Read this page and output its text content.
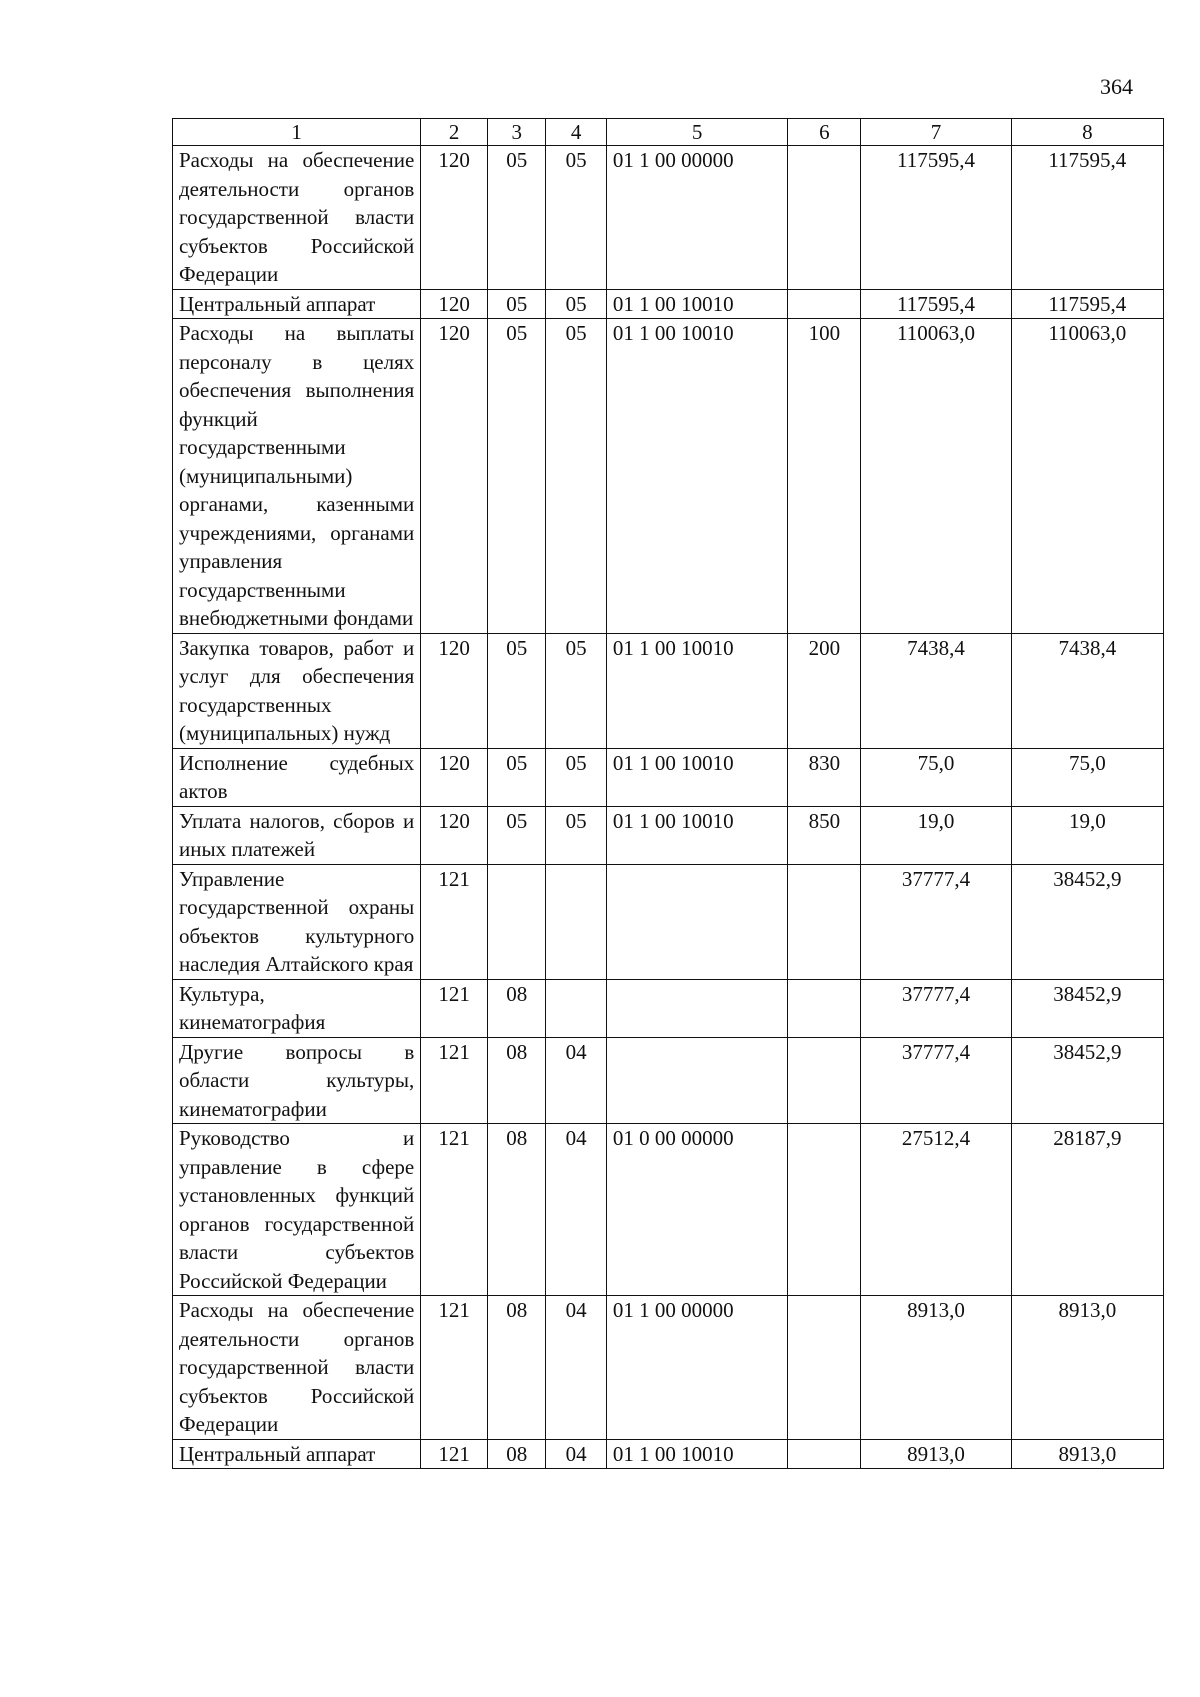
364
1	2	3	4	5	6	7	8
Расходы на обеспечение деятельности органов государственной власти субъектов Российской Федерации	120	05	05	01 1 00 00000		117595,4	117595,4
Центральный аппарат	120	05	05	01 1 00 10010		117595,4	117595,4
Расходы на выплаты персоналу в целях обеспечения выполнения функций государственными (муниципальными) органами, казенными учреждениями, органами управления государственными внебюджетными фондами	120	05	05	01 1 00 10010	100	110063,0	110063,0
Закупка товаров, работ и услуг для обеспечения государственных (муниципальных) нужд	120	05	05	01 1 00 10010	200	7438,4	7438,4
Исполнение судебных актов	120	05	05	01 1 00 10010	830	75,0	75,0
Уплата налогов, сборов и иных платежей	120	05	05	01 1 00 10010	850	19,0	19,0
Управление государственной охраны объектов культурного наследия Алтайского края	121					37777,4	38452,9
Культура, кинематография	121	08				37777,4	38452,9
Другие вопросы в области культуры, кинематографии	121	08	04			37777,4	38452,9
Руководство и управление в сфере установленных функций органов государственной власти субъектов Российской Федерации	121	08	04	01 0 00 00000		27512,4	28187,9
Расходы на обеспечение деятельности органов государственной власти субъектов Российской Федерации	121	08	04	01 1 00 00000		8913,0	8913,0
Центральный аппарат	121	08	04	01 1 00 10010		8913,0	8913,0
